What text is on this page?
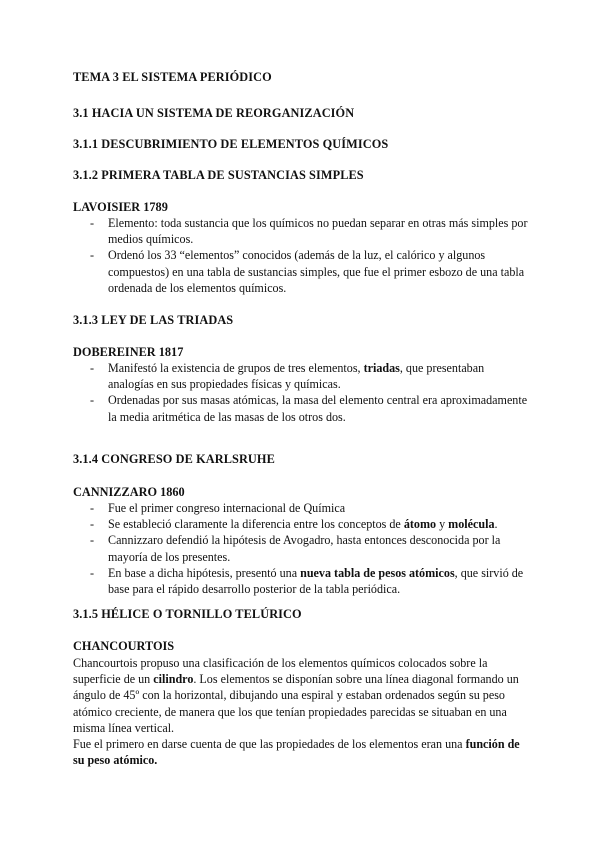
TEMA 3 EL SISTEMA PERIÓDICO
3.1 HACIA UN SISTEMA DE REORGANIZACIÓN
3.1.1 DESCUBRIMIENTO DE ELEMENTOS QUÍMICOS
3.1.2 PRIMERA TABLA DE SUSTANCIAS SIMPLES
LAVOISIER 1789
- Elemento: toda sustancia que los químicos no puedan separar en otras más simples por medios químicos.
- Ordenó los 33 “elementos” conocidos (además de la luz, el calórico y algunos compuestos) en una tabla de sustancias simples, que fue el primer esbozo de una tabla ordenada de los elementos químicos.
3.1.3 LEY DE LAS TRIADAS
DOBEREINER 1817
- Manifestó la existencia de grupos de tres elementos, triadas, que presentaban analogías en sus propiedades físicas y químicas.
- Ordenadas por sus masas atómicas, la masa del elemento central era aproximadamente la media aritmética de las masas de los otros dos.
3.1.4 CONGRESO DE KARLSRUHE
CANNIZZARO 1860
- Fue el primer congreso internacional de Química
- Se estableció claramente la diferencia entre los conceptos de átomo y molécula.
- Cannizzaro defendió la hipótesis de Avogadro, hasta entonces desconocida por la mayoría de los presentes.
- En base a dicha hipótesis, presentó una nueva tabla de pesos atómicos, que sirvió de base para el rápido desarrollo posterior de la tabla periódica.
3.1.5 HÉLICE O TORNILLO TELÚRICO
CHANCOURTOIS
Chancourtois propuso una clasificación de los elementos químicos colocados sobre la superficie de un cilindro. Los elementos se disponían sobre una línea diagonal formando un ángulo de 45º con la horizontal, dibujando una espiral y estaban ordenados según su peso atómico creciente, de manera que los que tenían propiedades parecidas se situaban en una misma línea vertical.
Fue el primero en darse cuenta de que las propiedades de los elementos eran una función de su peso atómico.
